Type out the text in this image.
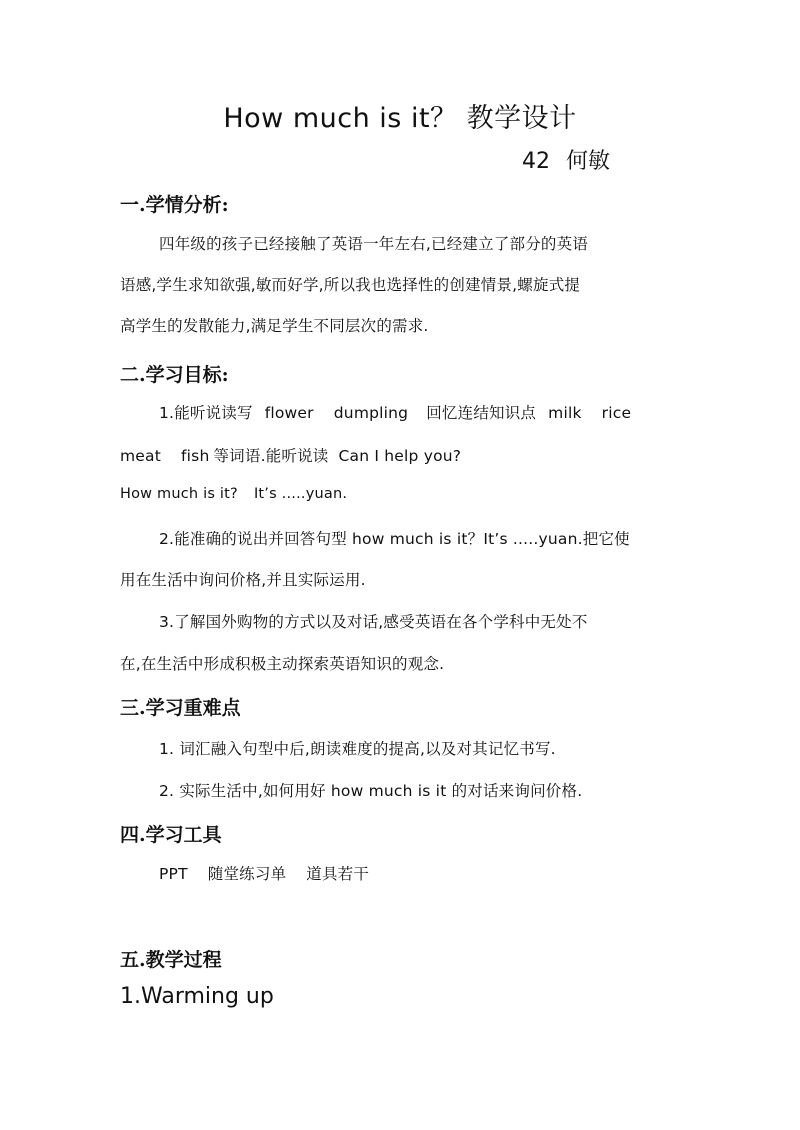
How much is it？ 教学设计
42 何敏
一.学情分析:
四年级的孩子已经接触了英语一年左右,已经建立了部分的英语
语感,学生求知欲强,敏而好学,所以我也选择性的创建情景,螺旋式提
高学生的发散能力,满足学生不同层次的需求.
二.学习目标:
1.能听说读写 flower dumpling 回忆连结知识点 milk rice
meat fish 等词语.能听说读 Can I help you?
How much is it? It’s .....yuan.
2.能准确的说出并回答句型 how much is it？It’s .....yuan.把它使
用在生活中询问价格,并且实际运用.
3.了解国外购物的方式以及对话,感受英语在各个学科中无处不
在,在生活中形成积极主动探索英语知识的观念.
三.学习重难点
1. 词汇融入句型中后,朗读难度的提高,以及对其记忆书写.
2. 实际生活中,如何用好 how much is it 的对话来询问价格.
四.学习工具
PPT 随堂练习单 道具若干
五.教学过程
1.Warming up
